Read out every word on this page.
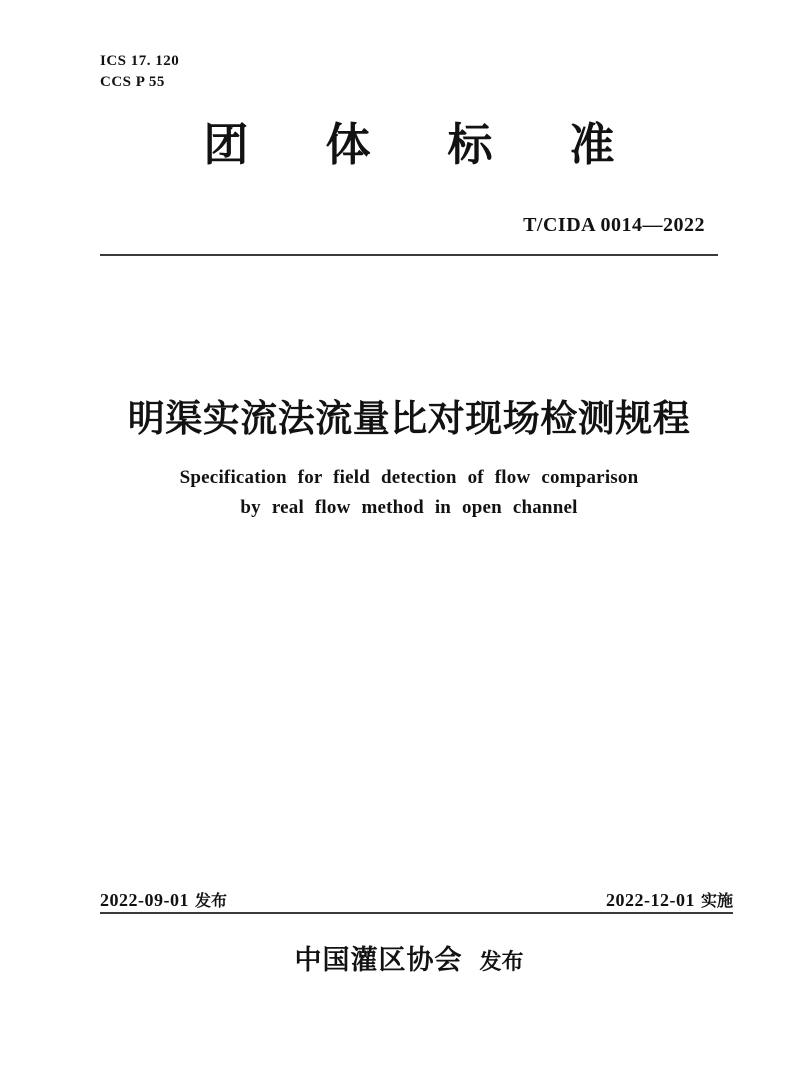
ICS 17. 120
CCS P 55
团体标准
T/CIDA 0014—2022
明渠实流法流量比对现场检测规程
Specification for field detection of flow comparison
by real flow method in open channel
2022-09-01 发布	2022-12-01 实施
中国灌区协会 发布
